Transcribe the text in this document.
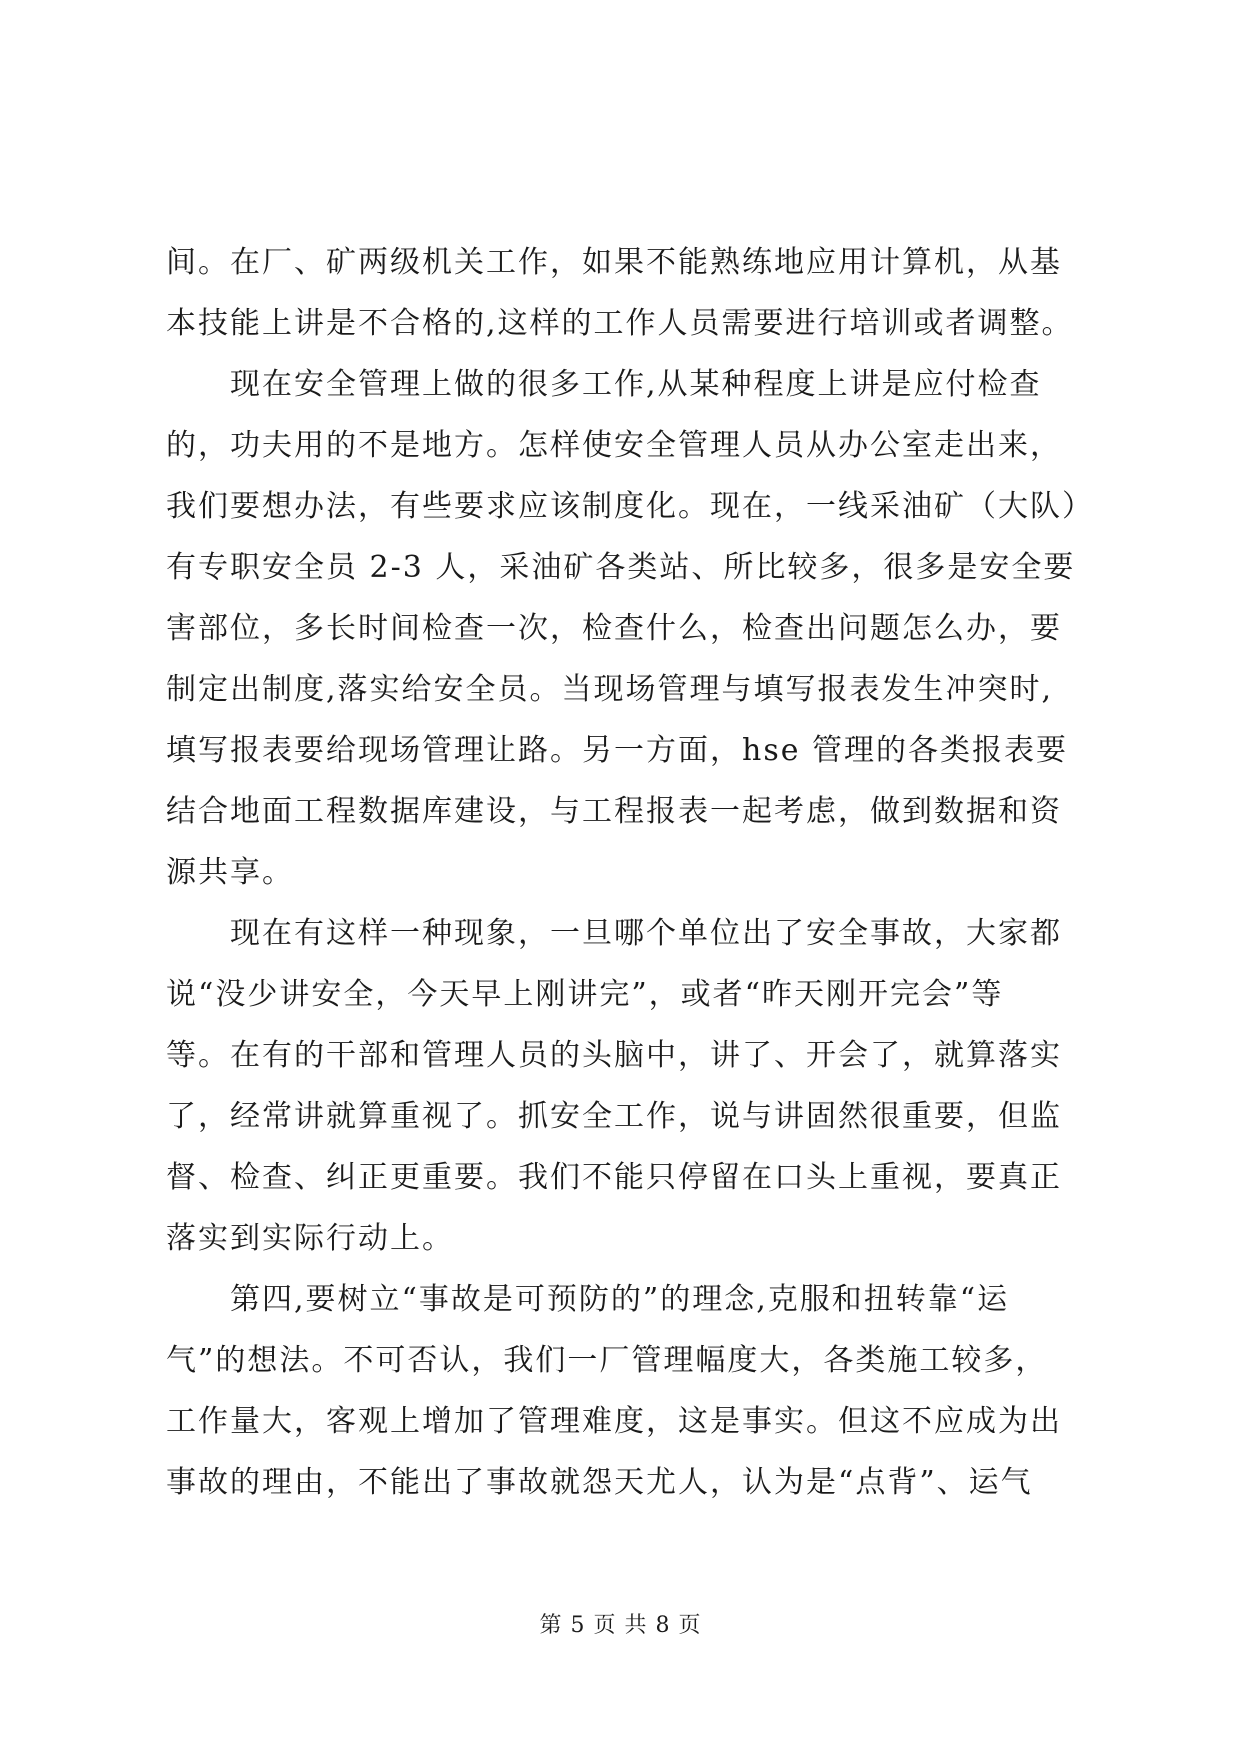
间。在厂、矿两级机关工作，如果不能熟练地应用计算机，从基
本技能上讲是不合格的,这样的工作人员需要进行培训或者调整。
现在安全管理上做的很多工作,从某种程度上讲是应付检查
的，功夫用的不是地方。怎样使安全管理人员从办公室走出来，
我们要想办法，有些要求应该制度化。现在，一线采油矿（大队）
有专职安全员 2-3 人，采油矿各类站、所比较多，很多是安全要
害部位，多长时间检查一次，检查什么，检查出问题怎么办，要
制定出制度,落实给安全员。当现场管理与填写报表发生冲突时,
填写报表要给现场管理让路。另一方面，hse 管理的各类报表要
结合地面工程数据库建设，与工程报表一起考虑，做到数据和资
源共享。
现在有这样一种现象，一旦哪个单位出了安全事故，大家都
说“没少讲安全，今天早上刚讲完”，或者“昨天刚开完会”等
等。在有的干部和管理人员的头脑中，讲了、开会了，就算落实
了，经常讲就算重视了。抓安全工作，说与讲固然很重要，但监
督、检查、纠正更重要。我们不能只停留在口头上重视，要真正
落实到实际行动上。
第四,要树立“事故是可预防的”的理念,克服和扭转靠“运
气”的想法。不可否认，我们一厂管理幅度大，各类施工较多，
工作量大，客观上增加了管理难度，这是事实。但这不应成为出
事故的理由，不能出了事故就怨天尤人，认为是“点背”、运气
第 5 页 共 8 页
